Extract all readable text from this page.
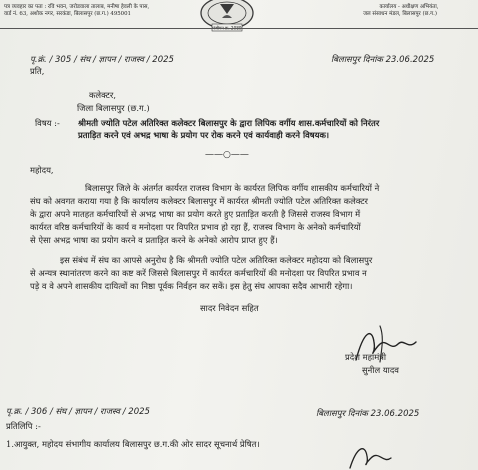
पत्र व्यवहार का पता : रवि भवन, जरोडवाला तालाब, मनीषा हेवली के पास,
वार्ड नं. 63, अशोक नगर, सरकंडा, बिलासपुर (छ.ग.) 495001
कार्यालय - अधीक्षण अभियंता,
जल संसाधन मंडल, बिलासपुर (छ.ग.)
पृ.क्रं. / 305 / संघ / ज्ञापन / राजस्व / 2025	बिलासपुर दिनांक 23.06.2025
प्रति,
कलेक्टर,
जिला बिलासपुर (छ.ग.)
विषय :- श्रीमती ज्योति पटेल अतिरिक्त कलेक्टर बिलासपुर के द्वारा लिपिक वर्गीय शास.कर्मचारियों को निरंतर
प्रताड़ित करने एवं अभद्र भाषा के प्रयोग पर रोक करने एवं कार्यवाही करने विषयक।
——○——
महोदय,

बिलासपुर जिले के अंतर्गत कार्यरत राजस्व विभाग के कार्यरत लिपिक वर्गीय शासकीय कर्मचारियों ने

संघ को अवगत कराया गया है कि कार्यालय कलेक्टर बिलासपुर में कार्यरत श्रीमती ज्योति पटेल अतिरिक्त कलेक्टर

के द्वारा अपने मातहत कर्मचारियों से अभद्र भाषा का प्रयोग करते हुए प्रताड़ित करती है जिससे राजस्व विभाग में

कार्यरत वरिष्ठ कर्मचारियों के कार्य व मनोदशा पर विपरित प्रभाव हो रहा हैं, राजस्व विभाग के अनेको कर्मचारियों

से ऐसा अभद्र भाषा का प्रयोग करने व प्रताड़ित करने के अनेको आरोप प्राप्त हुए हैं।

इस संबंध में संघ का आपसे अनुरोध है कि श्रीमती ज्योति पटेल अतिरिक्त कलेक्टर महोदया को बिलासपुर

से अन्यत्र स्थानांतरण करने का कष्ट करें जिससे बिलासपुर में कार्यरत कर्मचारियों की मनोदशा पर विपरित प्रभाव न

पड़े व वे अपने शासकीय दायित्वों का निष्ठा पूर्वक निर्वहन कर सकें। इस हेतु संघ आपका सदैव आभारी रहेगा।

सादर निवेदन सहित
प्रदेश महामंत्री
सुनील यादव
पृ.क्र. / 306 / संघ / ज्ञापन / राजस्व / 2025	बिलासपुर दिनांक 23.06.2025
प्रतिलिपि :-
1.आयुक्त, महोदय संभागीय कार्यालय बिलासपुर छ.ग.की ओर सादर सूचनार्थ प्रेषित।
